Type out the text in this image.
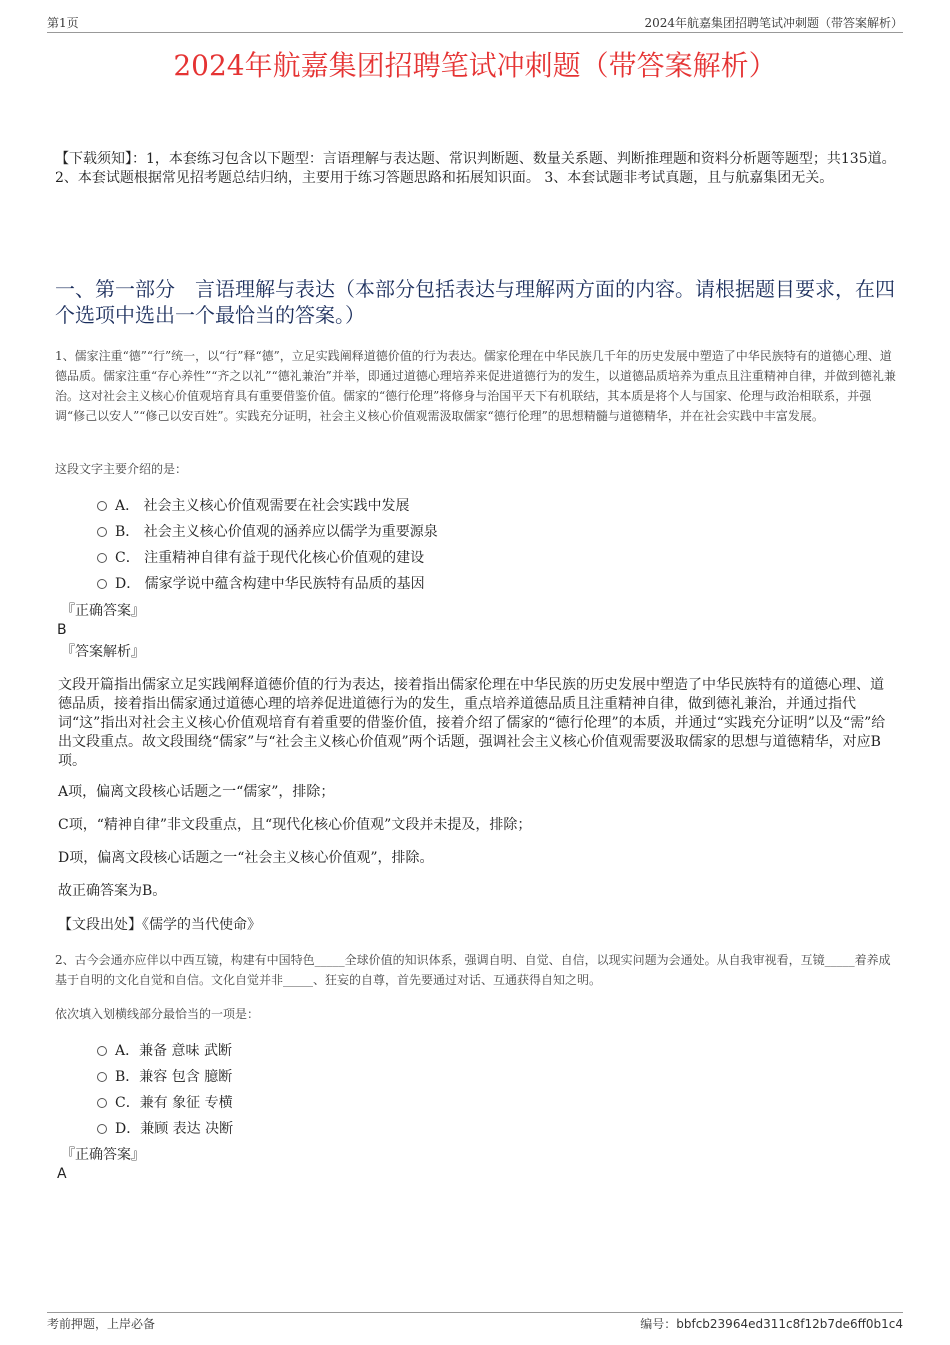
第1页	2024年航嘉集团招聘笔试冲刺题（带答案解析）
2024年航嘉集团招聘笔试冲刺题（带答案解析）
【下载须知】：1，本套练习包含以下题型：言语理解与表达题、常识判断题、数量关系题、判断推理题和资料分析题等题型；共135道。 2、本套试题根据常见招考题总结归纳，主要用于练习答题思路和拓展知识面。 3、本套试题非考试真题，且与航嘉集团无关。
一、第一部分　言语理解与表达（本部分包括表达与理解两方面的内容。请根据题目要求，在四个选项中选出一个最恰当的答案。）
1、儒家注重“德”“行”统一，以“行”释“德”，立足实践阐释道德价值的行为表达。儒家伦理在中华民族几千年的历史发展中塑造了中华民族特有的道德心理、道德品质。儒家注重“存心养性”“齐之以礼”“德礼兼治”并举，即通过道德心理培养来促进道德行为的发生，以道德品质培养为重点且注重精神自律，并做到德礼兼治。这对社会主义核心价值观培育具有重要借鉴价值。儒家的“德行伦理”将修身与治国平天下有机联结，其本质是将个人与国家、伦理与政治相联系，并强调“修己以安人”“修己以安百姓”。实践充分证明，社会主义核心价值观需汲取儒家“德行伦理”的思想精髓与道德精华，并在社会实践中丰富发展。
这段文字主要介绍的是：
A． 社会主义核心价值观需要在社会实践中发展
B． 社会主义核心价值观的涵养应以儒学为重要源泉
C． 注重精神自律有益于现代化核心价值观的建设
D． 儒家学说中蕴含构建中华民族特有品质的基因
『正确答案』
B
『答案解析』
文段开篇指出儒家立足实践阐释道德价值的行为表达，接着指出儒家伦理在中华民族的历史发展中塑造了中华民族特有的道德心理、道德品质，接着指出儒家通过道德心理的培养促进道德行为的发生，重点培养道德品质且注重精神自律，做到德礼兼治，并通过指代词“这”指出对社会主义核心价值观培育有着重要的借鉴价值，接着介绍了儒家的“德行伦理”的本质，并通过“实践充分证明”以及“需”给出文段重点。故文段围绕“儒家”与“社会主义核心价值观”两个话题，强调社会主义核心价值观需要汲取儒家的思想与道德精华，对应B项。
A项，偏离文段核心话题之一“儒家”，排除；
C项，“精神自律”非文段重点，且“现代化核心价值观”文段并未提及，排除；
D项，偏离文段核心话题之一“社会主义核心价值观”，排除。
故正确答案为B。
【文段出处】《儒学的当代使命》
2、古今会通亦应伴以中西互镜，构建有中国特色_____全球价值的知识体系，强调自明、自觉、自信，以现实问题为会通处。从自我审视看，互镜_____着养成基于自明的文化自觉和自信。文化自觉并非_____、狂妄的自尊，首先要通过对话、互通获得自知之明。
依次填入划横线部分最恰当的一项是：
A．兼备 意味 武断
B．兼容 包含 臆断
C．兼有 象征 专横
D．兼顾 表达 决断
『正确答案』
A
考前押题，上岸必备	编号：bbfcb23964ed311c8f12b7de6ff0b1c4
